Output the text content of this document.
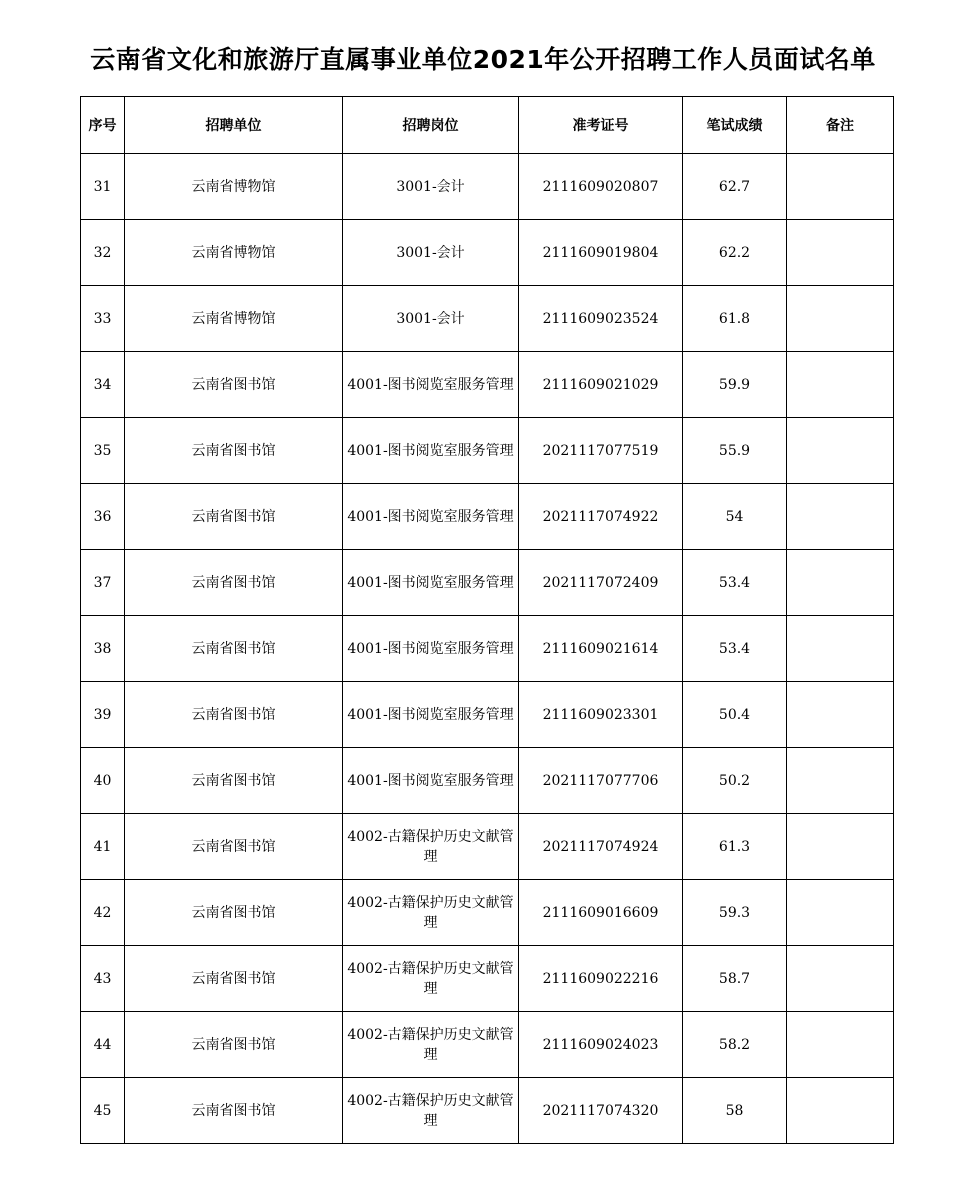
云南省文化和旅游厅直属事业单位2021年公开招聘工作人员面试名单
序号	招聘单位	招聘岗位	准考证号	笔试成绩	备注
31	云南省博物馆	3001-会计	2111609020807	62.7	
32	云南省博物馆	3001-会计	2111609019804	62.2	
33	云南省博物馆	3001-会计	2111609023524	61.8	
34	云南省图书馆	4001-图书阅览室服务管理	2111609021029	59.9	
35	云南省图书馆	4001-图书阅览室服务管理	2021117077519	55.9	
36	云南省图书馆	4001-图书阅览室服务管理	2021117074922	54	
37	云南省图书馆	4001-图书阅览室服务管理	2021117072409	53.4	
38	云南省图书馆	4001-图书阅览室服务管理	2111609021614	53.4	
39	云南省图书馆	4001-图书阅览室服务管理	2111609023301	50.4	
40	云南省图书馆	4001-图书阅览室服务管理	2021117077706	50.2	
41	云南省图书馆	4002-古籍保护历史文献管理	2021117074924	61.3	
42	云南省图书馆	4002-古籍保护历史文献管理	2111609016609	59.3	
43	云南省图书馆	4002-古籍保护历史文献管理	2111609022216	58.7	
44	云南省图书馆	4002-古籍保护历史文献管理	2111609024023	58.2	
45	云南省图书馆	4002-古籍保护历史文献管理	2021117074320	58	
